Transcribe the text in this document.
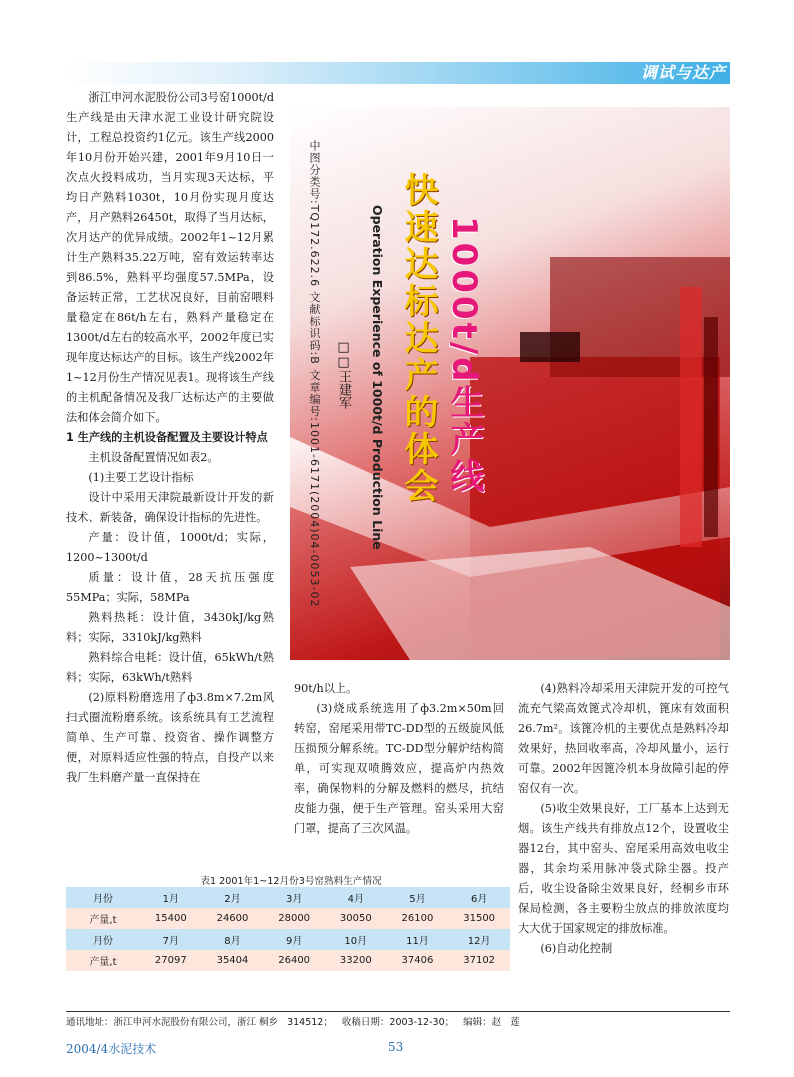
调试与达产

浙江申河水泥股份公司3号窑1000t/d生产线是由天津水泥工业设计研究院设计，工程总投资约1亿元。该生产线2000年10月份开始兴建，2001年9月10日一次点火投料成功，当月实现3天达标，平均日产熟料1030t，10月份实现月度达产，月产熟料26450t，取得了当月达标，次月达产的优异成绩。2002年1~12月累计生产熟料35.22万吨，窑有效运转率达到86.5%，熟料平均强度57.5MPa，设备运转正常，工艺状况良好，目前窑喂料量稳定在86t/h左右，熟料产量稳定在1300t/d左右的较高水平，2002年度已实现年度达标达产的目标。该生产线2002年1~12月份生产情况见表1。现将该生产线的主机配备情况及我厂达标达产的主要做法和体会简介如下。

1 生产线的主机设备配置及主要设计特点

主机设备配置情况如表2。

(1)主要工艺设计指标

设计中采用天津院最新设计开发的新技术、新装备，确保设计指标的先进性。

产量：设计值，1000t/d；实际，1200~1300t/d

质量：设计值，28天抗压强度55MPa；实际，58MPa

熟料热耗：设计值，3430kJ/kg熟料；实际，3310kJ/kg熟料

熟料综合电耗：设计值，65kWh/t熟料；实际，63kWh/t熟料

(2)原料粉磨选用了ф3.8m×7.2m风扫式圈流粉磨系统。该系统具有工艺流程简单、生产可靠、投资省、操作调整方便，对原料适应性强的特点，自投产以来我厂生料磨产量一直保持在

中图分类号:TQ172.622.6 文献标识码:B 文章编号:1001-6171(2004)04-0053-02 □□王建军 Operation Experience of 1000t/d Production Line 快速达标达产的体会 1000t/d生产线

90t/h以上。

(3)烧成系统选用了ф3.2m×50m回转窑，窑尾采用带TC-DD型的五级旋风低压损预分解系统。TC-DD型分解炉结构简单，可实现双喷腾效应，提高炉内热效率，确保物料的分解及燃料的燃尽，抗结皮能力强，便于生产管理。窑头采用大窑门罩，提高了三次风温。

(4)熟料冷却采用天津院开发的可控气流充气梁高效篦式冷却机，篦床有效面积26.7m²。该篦冷机的主要优点是熟料冷却效果好，热回收率高，冷却风量小，运行可靠。2002年因篦冷机本身故障引起的停窑仅有一次。

(5)收尘效果良好，工厂基本上达到无烟。该生产线共有排放点12个，设置收尘器12台，其中窑头、窑尾采用高效电收尘器，其余均采用脉冲袋式除尘器。投产后，收尘设备除尘效果良好，经桐乡市环保局检测，各主要粉尘放点的排放浓度均大大优于国家规定的排放标准。

(6)自动化控制

表1 2001年1~12月份3号窑熟料生产情况
月份	1月	2月	3月	4月	5月	6月
产量,t	15400	24600	28000	30050	26100	31500
月份	7月	8月	9月	10月	11月	12月
产量,t	27097	35404	26400	33200	37406	37102
通讯地址：浙江申河水泥股份有限公司，浙江 桐乡   314512；   收稿日期：2003-12-30；   编辑：赵   莲
2004/4水泥技术	53
